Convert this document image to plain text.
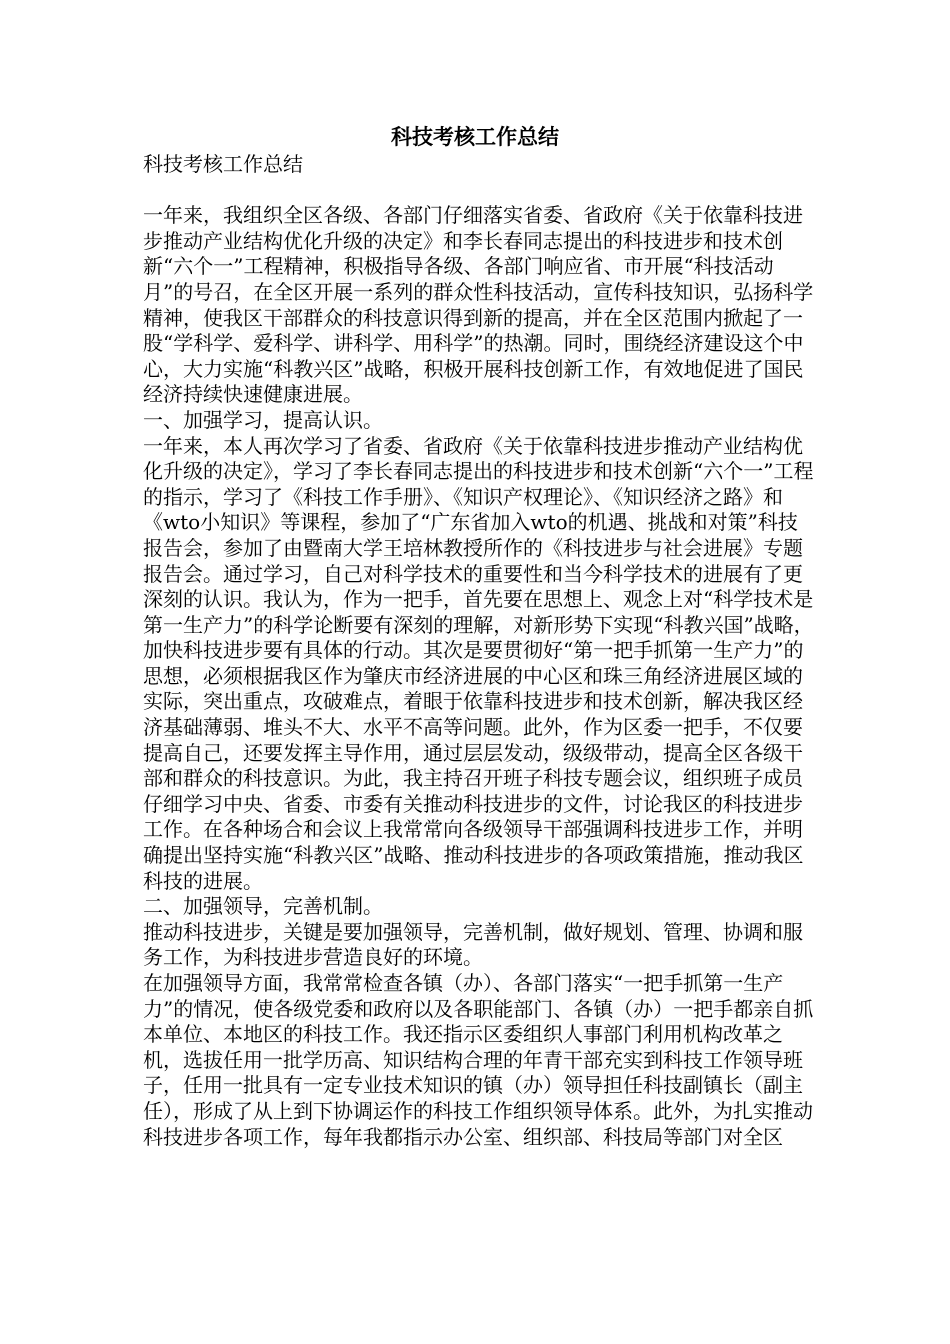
科技考核工作总结

科技考核工作总结

一年来，我组织全区各级、各部门仔细落实省委、省政府《关于依靠科技进步推动产业结构优化升级的决定》和李长春同志提出的科技进步和技术创新“六个一”工程精神，积极指导各级、各部门响应省、市开展“科技活动月”的号召，在全区开展一系列的群众性科技活动，宣传科技知识，弘扬科学精神，使我区干部群众的科技意识得到新的提高，并在全区范围内掀起了一股“学科学、爱科学、讲科学、用科学”的热潮。同时，围绕经济建设这个中心，大力实施“科教兴区”战略，积极开展科技创新工作，有效地促进了国民经济持续快速健康进展。

一、加强学习，提高认识。

一年来，本人再次学习了省委、省政府《关于依靠科技进步推动产业结构优化升级的决定》，学习了李长春同志提出的科技进步和技术创新“六个一”工程的指示，学习了《科技工作手册》、《知识产权理论》、《知识经济之路》和《wto小知识》等课程，参加了“广东省加入wto的机遇、挑战和对策”科技报告会，参加了由暨南大学王培林教授所作的《科技进步与社会进展》专题报告会。通过学习，自己对科学技术的重要性和当今科学技术的进展有了更深刻的认识。我认为，作为一把手，首先要在思想上、观念上对“科学技术是第一生产力”的科学论断要有深刻的理解，对新形势下实现“科教兴国”战略，加快科技进步要有具体的行动。其次是要贯彻好“第一把手抓第一生产力”的思想，必须根据我区作为肇庆市经济进展的中心区和珠三角经济进展区域的实际，突出重点，攻破难点，着眼于依靠科技进步和技术创新，解决我区经济基础薄弱、堆头不大、水平不高等问题。此外，作为区委一把手，不仅要提高自己，还要发挥主导作用，通过层层发动，级级带动，提高全区各级干部和群众的科技意识。为此，我主持召开班子科技专题会议，组织班子成员仔细学习中央、省委、市委有关推动科技进步的文件，讨论我区的科技进步工作。在各种场合和会议上我常常向各级领导干部强调科技进步工作，并明确提出坚持实施“科教兴区”战略、推动科技进步的各项政策措施，推动我区科技的进展。

二、加强领导，完善机制。

推动科技进步，关键是要加强领导，完善机制，做好规划、管理、协调和服务工作，为科技进步营造良好的环境。

在加强领导方面，我常常检查各镇（办）、各部门落实“一把手抓第一生产力”的情况，使各级党委和政府以及各职能部门、各镇（办）一把手都亲自抓本单位、本地区的科技工作。我还指示区委组织人事部门利用机构改革之机，选拔任用一批学历高、知识结构合理的年青干部充实到科技工作领导班子，任用一批具有一定专业技术知识的镇（办）领导担任科技副镇长（副主任），形成了从上到下协调运作的科技工作组织领导体系。此外，为扎实推动科技进步各项工作，每年我都指示办公室、组织部、科技局等部门对全区
